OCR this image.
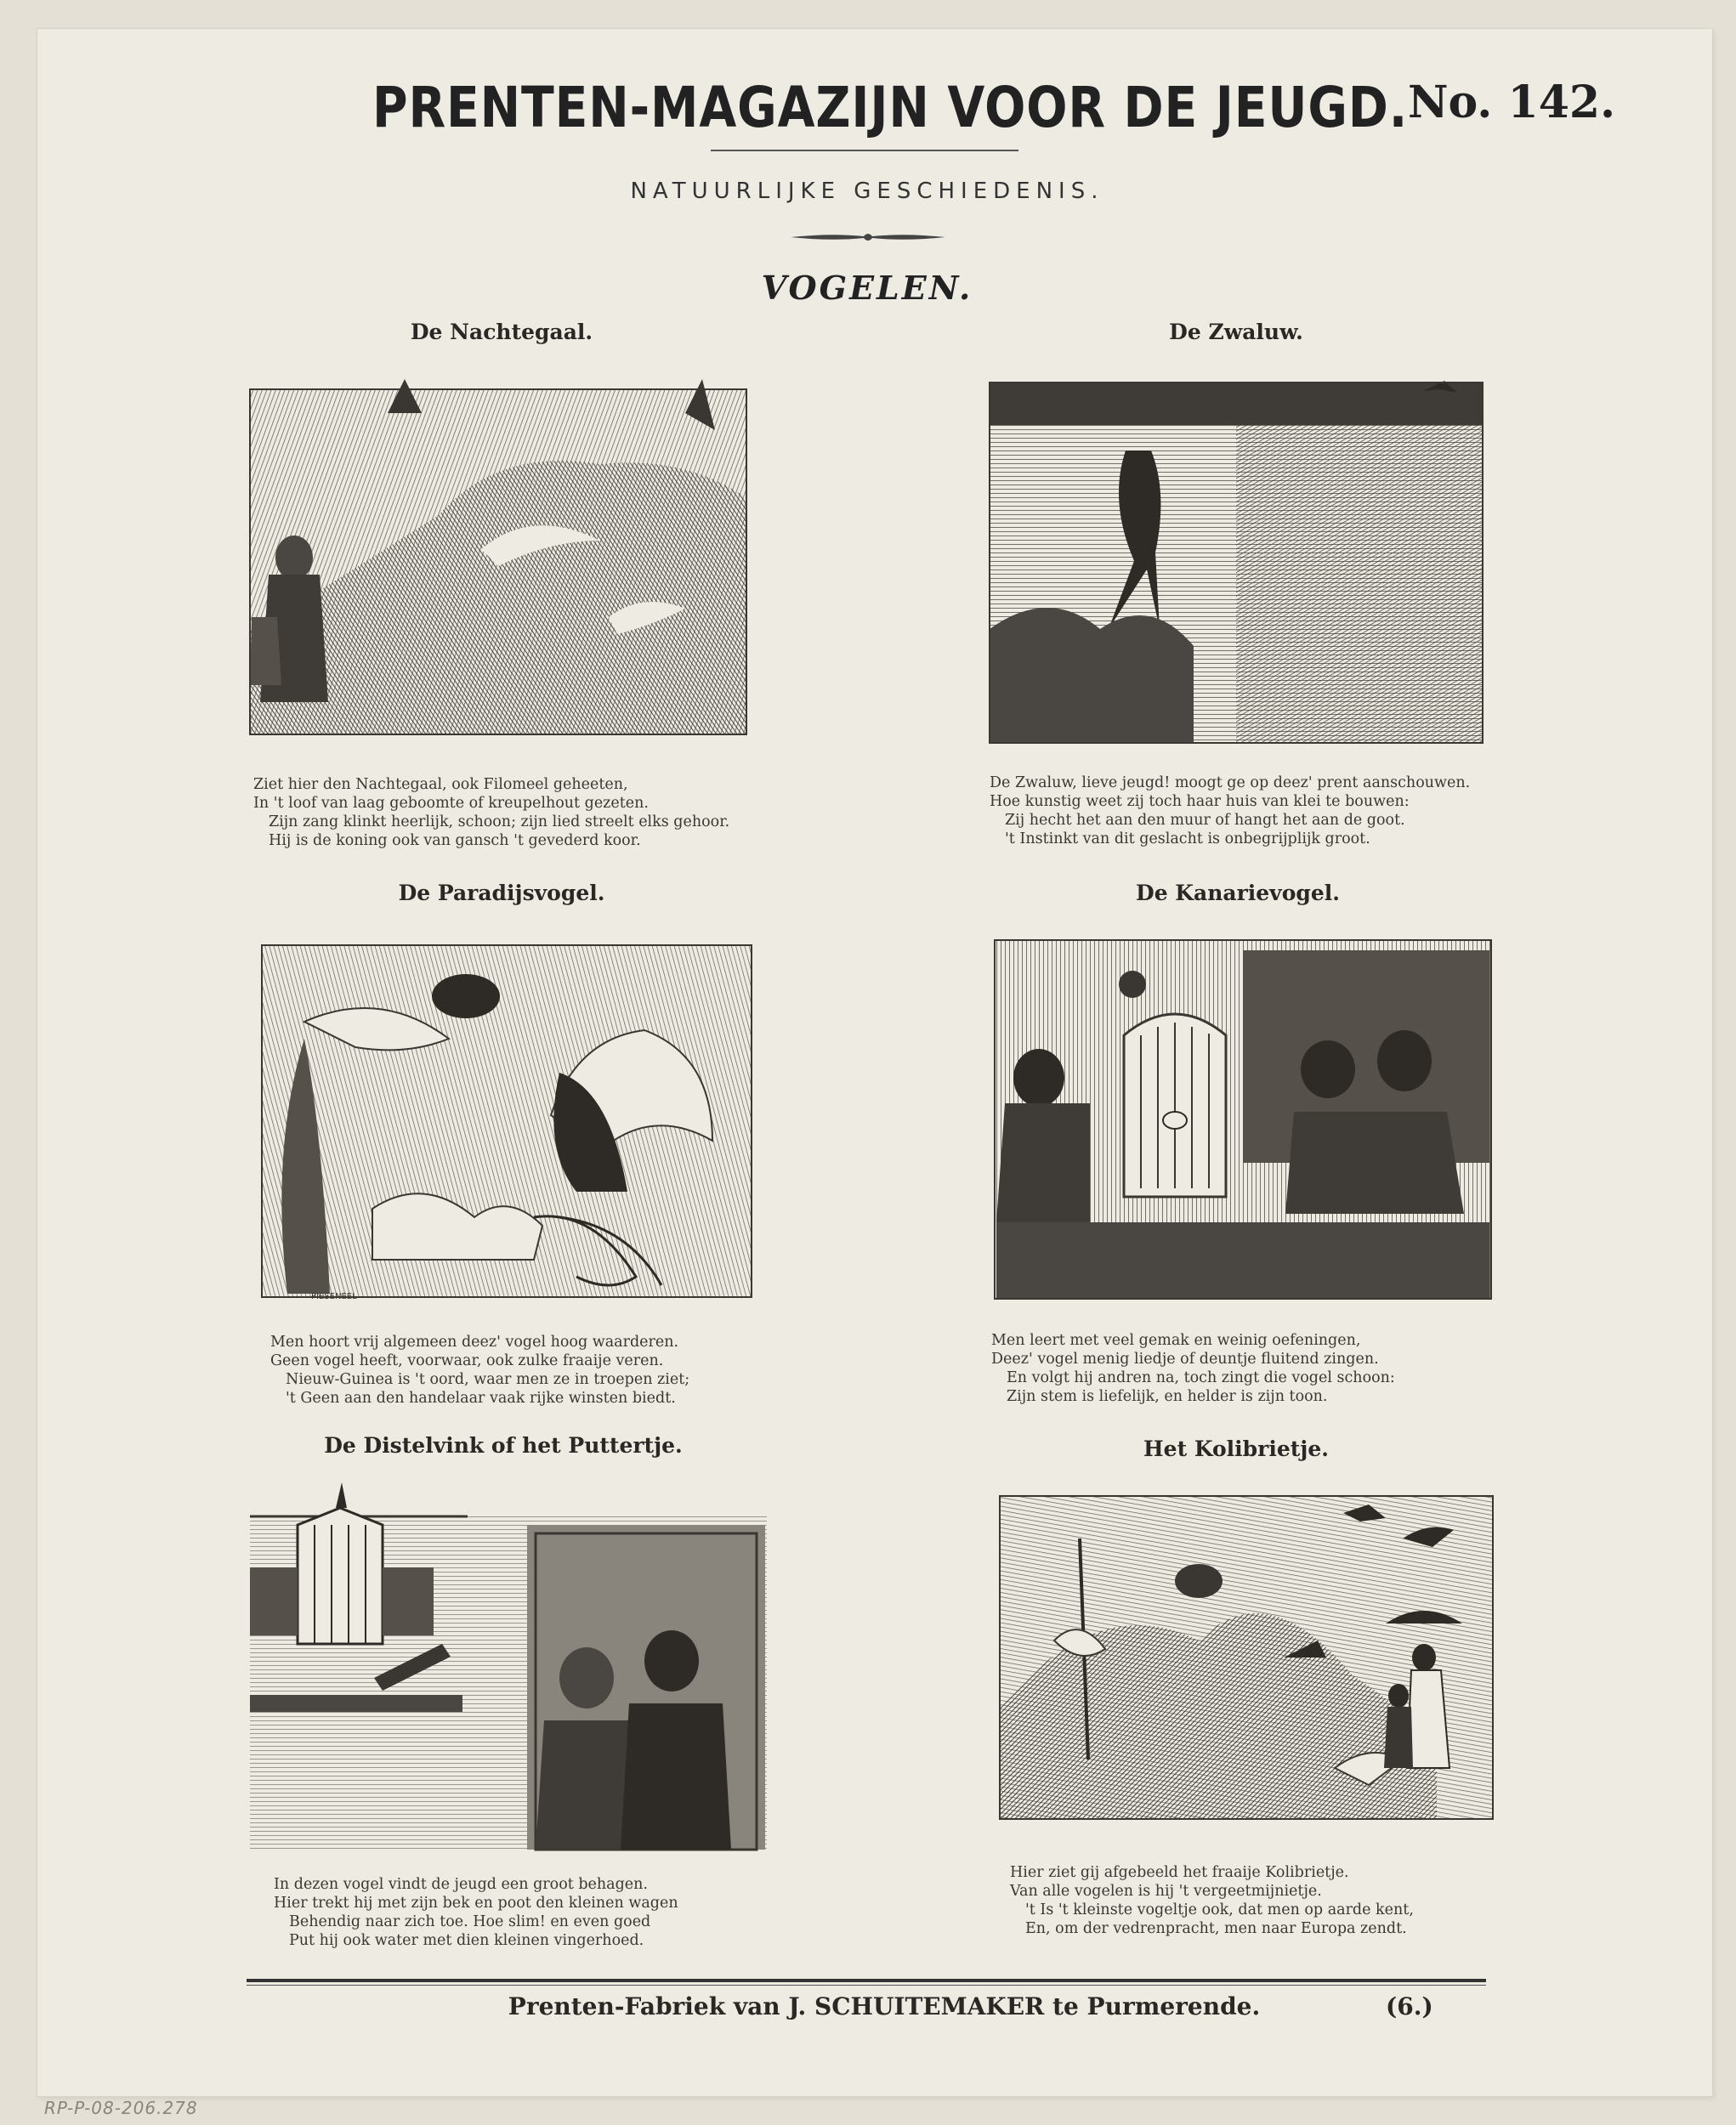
PRENTEN-MAGAZIJN VOOR DE JEUGD. No. 142.
NATUURLIJKE GESCHIEDENIS.
VOGELEN.
De Nachtegaal.
Ziet hier den Nachtegaal, ook Filomeel geheeten,
In 't loof van laag geboomte of kreupelhout gezeten.
Zijn zang klinkt heerlijk, schoon; zijn lied streelt elks gehoor.
Hij is de koning ook van gansch 't gevederd koor.
De Zwaluw.
De Zwaluw, lieve jeugd! moogt ge op deez' prent aanschouwen.
Hoe kunstig weet zij toch haar huis van klei te bouwen:
Zij hecht het aan den muur of hangt het aan de goot.
't Instinkt van dit geslacht is onbegrijplijk groot.
De Paradijsvogel.
PIESENEEL
Men hoort vrij algemeen deez' vogel hoog waarderen.
Geen vogel heeft, voorwaar, ook zulke fraaije veren.
Nieuw-Guinea is 't oord, waar men ze in troepen ziet;
't Geen aan den handelaar vaak rijke winsten biedt.
De Kanarievogel.
Men leert met veel gemak en weinig oefeningen,
Deez' vogel menig liedje of deuntje fluitend zingen.
En volgt hij andren na, toch zingt die vogel schoon:
Zijn stem is liefelijk, en helder is zijn toon.
De Distelvink of het Puttertje.
In dezen vogel vindt de jeugd een groot behagen.
Hier trekt hij met zijn bek en poot den kleinen wagen
Behendig naar zich toe. Hoe slim! en even goed
Put hij ook water met dien kleinen vingerhoed.
Het Kolibrietje.
Hier ziet gij afgebeeld het fraaije Kolibrietje.
Van alle vogelen is hij 't vergeetmijnietje.
't Is 't kleinste vogeltje ook, dat men op aarde kent,
En, om der vedrenpracht, men naar Europa zendt.
Prenten-Fabriek van J. SCHUITEMAKER te Purmerende.	(6.)
RP-P-08-206.278
